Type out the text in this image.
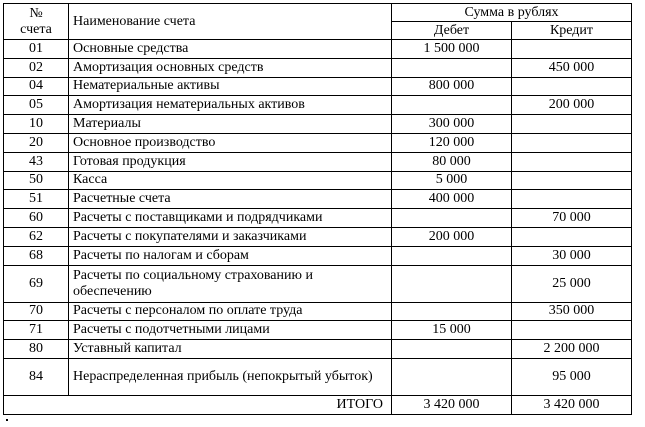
№
счета	Наименование счета	Сумма в рублях	
		Дебет	Кредит
01	Основные средства	1 500 000	
02	Амортизация основных средств		450 000
04	Нематериальные активы	800 000	
05	Амортизация нематериальных активов		200 000
10	Материалы	300 000	
20	Основное производство	120 000	
43	Готовая продукция	80 000	
50	Касса	5 000	
51	Расчетные счета	400 000	
60	Расчеты с поставщиками и подрядчиками		70 000
62	Расчеты с покупателями и заказчиками	200 000	
68	Расчеты по налогам и сборам		30 000
69	Расчеты по социальному страхованию и обеспечению		25 000
70	Расчеты с персоналом по оплате труда		350 000
71	Расчеты с подотчетными лицами	15 000	
80	Уставный капитал		2 200 000
84	Нераспределенная прибыль (непокрытый убыток)		95 000
ИТОГО		3 420 000	3 420 000
